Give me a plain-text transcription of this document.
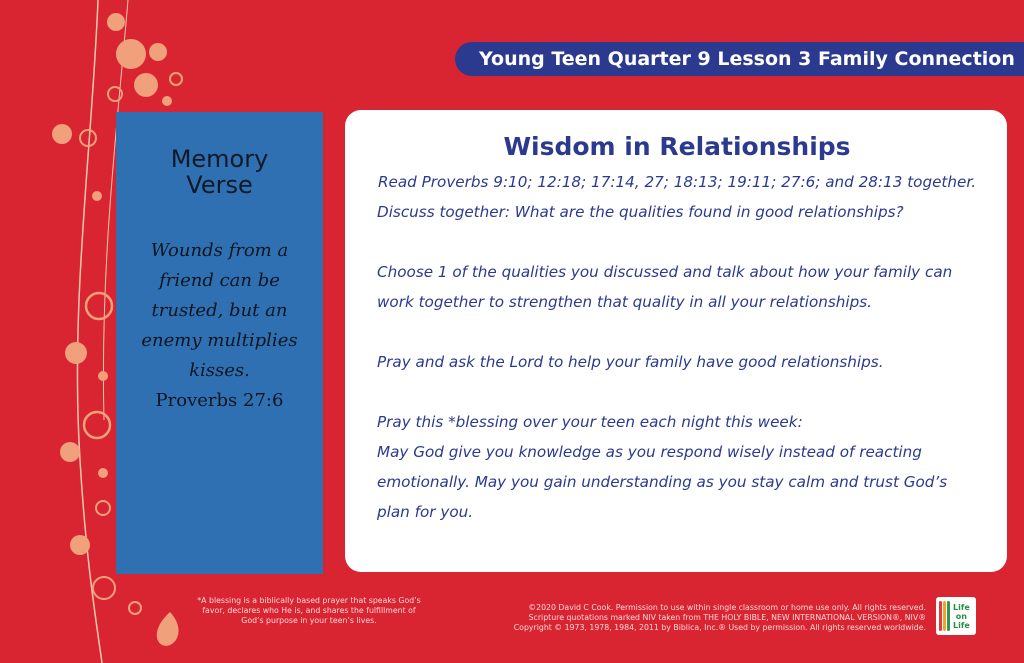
Young Teen Quarter 9 Lesson 3 Family Connection
Memory
Verse
Wounds from a friend can be trusted, but an enemy multiplies kisses.
Proverbs 27:6
Wisdom in Relationships

Read Proverbs 9:10; 12:18; 17:14, 27; 18:13; 19:11; 27:6; and 28:13 together.

Discuss together: What are the qualities found in good relationships?

Choose 1 of the qualities you discussed and talk about how your family can work together to strengthen that quality in all your relationships.

Pray and ask the Lord to help your family have good relationships.

Pray this *blessing over your teen each night this week:

May God give you knowledge as you respond wisely instead of reacting emotionally. May you gain understanding as you stay calm and trust God’s plan for you.

*A blessing is a biblically based prayer that speaks God’s favor, declares who He is, and shares the fulfillment of God’s purpose in your teen’s lives.
©2020 David C Cook. Permission to use within single classroom or home use only. All rights reserved.
Scripture quotations marked NIV taken from THE HOLY BIBLE, NEW INTERNATIONAL VERSION®, NIV®
Copyright © 1973, 1978, 1984, 2011 by Biblica, Inc.® Used by permission. All rights reserved worldwide.
Life
on
Life
